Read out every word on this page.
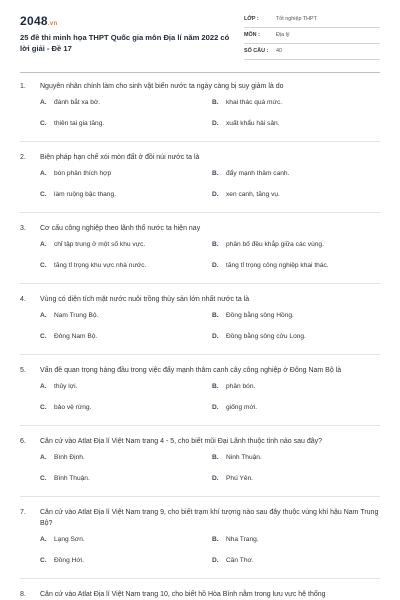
2048.vn
25 đề thi minh họa THPT Quốc gia môn Địa lí năm 2022 có lời giải - Đề 17
LỚP :	Tốt nghiệp THPT
MÔN :	Địa lý
SỐ CÂU : 40
1. Nguyên nhân chính làm cho sinh vật biển nước ta ngày càng bị suy giảm là do
A. đánh bắt xa bờ.	B. khai thác quá mức.
C. thiên tai gia tăng.	D. xuất khẩu hải sản.
2. Biện pháp hạn chế xói mòn đất ở đồi núi nước ta là
A. bón phân thích hợp	B. đẩy mạnh thâm canh.
C. làm ruộng bậc thang.	D. xen canh, tăng vụ.
3. Cơ cấu công nghiệp theo lãnh thổ nước ta hiện nay
A. chỉ tập trung ở một số khu vực.	B. phân bố đều khắp giữa các vùng.
C. tăng tỉ trọng khu vực nhà nước.	D. tăng tỉ trọng công nghiệp khai thác.
4. Vùng có diện tích mặt nước nuôi trồng thủy sản lớn nhất nước ta là
A. Nam Trung Bộ.	B. Đồng bằng sông Hồng.
C. Đông Nam Bộ.	D. Đồng bằng sông cửu Long.
5. Vấn đề quan trọng hàng đầu trong việc đẩy mạnh thâm canh cây công nghiệp ở Đông Nam Bộ là
A. thủy lợi.	B. phân bón.
C. bảo vệ rừng.	D. giống mới.
6. Căn cứ vào Atlat Địa lí Việt Nam trang 4 - 5, cho biết mũi Đại Lãnh thuộc tỉnh nào sau đây?
A. Bình Định.	B. Ninh Thuận.
C. Bình Thuận.	D. Phú Yên.
7. Căn cứ vào Atlat Địa lí Việt Nam trang 9, cho biết trạm khí tượng nào sau đây thuộc vùng khí hậu Nam Trung Bộ?
A. Lạng Sơn.	B. Nha Trang.
C. Đồng Hới.	D. Cần Thơ.
8. Căn cứ vào Atlat Địa lí Việt Nam trang 10, cho biết hồ Hòa Bình nằm trong lưu vực hệ thống
